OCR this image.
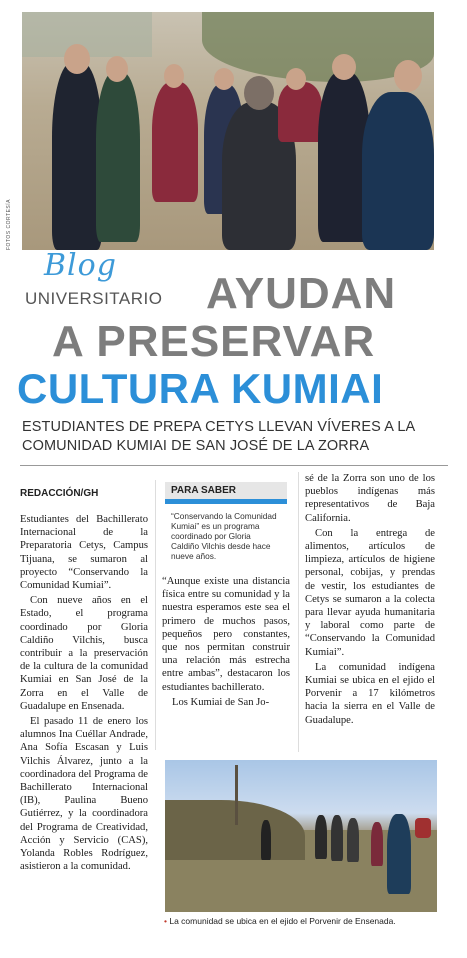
FOTOS CORTESÍA
Blog
UNIVERSITARIO AYUDAN
A PRESERVAR
CULTURA KUMIAI
ESTUDIANTES DE PREPA CETYS LLEVAN VÍVERES A LA COMUNIDAD KUMIAI DE SAN JOSÉ DE LA ZORRA
REDACCIÓN/GH

Estudiantes del Bachillerato Internacional de la Preparatoria Cetys, Campus Tijuana, se sumaron al proyecto “Conservando la Comunidad Kumiai”.

Con nueve años en el Estado, el programa coordinado por Gloria Caldiño Vilchis, busca contribuir a la preservación de la cultura de la comunidad Kumiai en San José de la Zorra en el Valle de Guadalupe en Ensenada.

El pasado 11 de enero los alumnos Ina Cuéllar Andrade, Ana Sofía Escasan y Luis Vilchis Álvarez, junto a la coordinadora del Programa de Bachillerato Internacional (IB), Paulina Bueno Gutiérrez, y la coordinadora del Programa de Creatividad, Acción y Servicio (CAS), Yolanda Robles Rodríguez, asistieron a la comunidad.

PARA SABER
“Conservando la Comunidad Kumiai” es un programa coordinado por Gloria Caldiño Vilchis desde hace nueve años.

“Aunque existe una distancia física entre su comunidad y la nuestra esperamos este sea el primero de muchos pasos, pequeños pero constantes, que nos permitan construir una relación más estrecha entre ambas”, destacaron los estudiantes bachillerato.

Los Kumiai de San Jo-

sé de la Zorra son uno de los pueblos indígenas más representativos de Baja California.

Con la entrega de alimentos, artículos de limpieza, artículos de higiene personal, cobijas, y prendas de vestir, los estudiantes de Cetys se sumaron a la colecta para llevar ayuda humanitaria y laboral como parte de “Conservando la Comunidad Kumiai”.

La comunidad indígena Kumiai se ubica en el ejido el Porvenir a 17 kilómetros hacia la sierra en el Valle de Guadalupe.

• La comunidad se ubica en el ejido el Porvenir de Ensenada.
